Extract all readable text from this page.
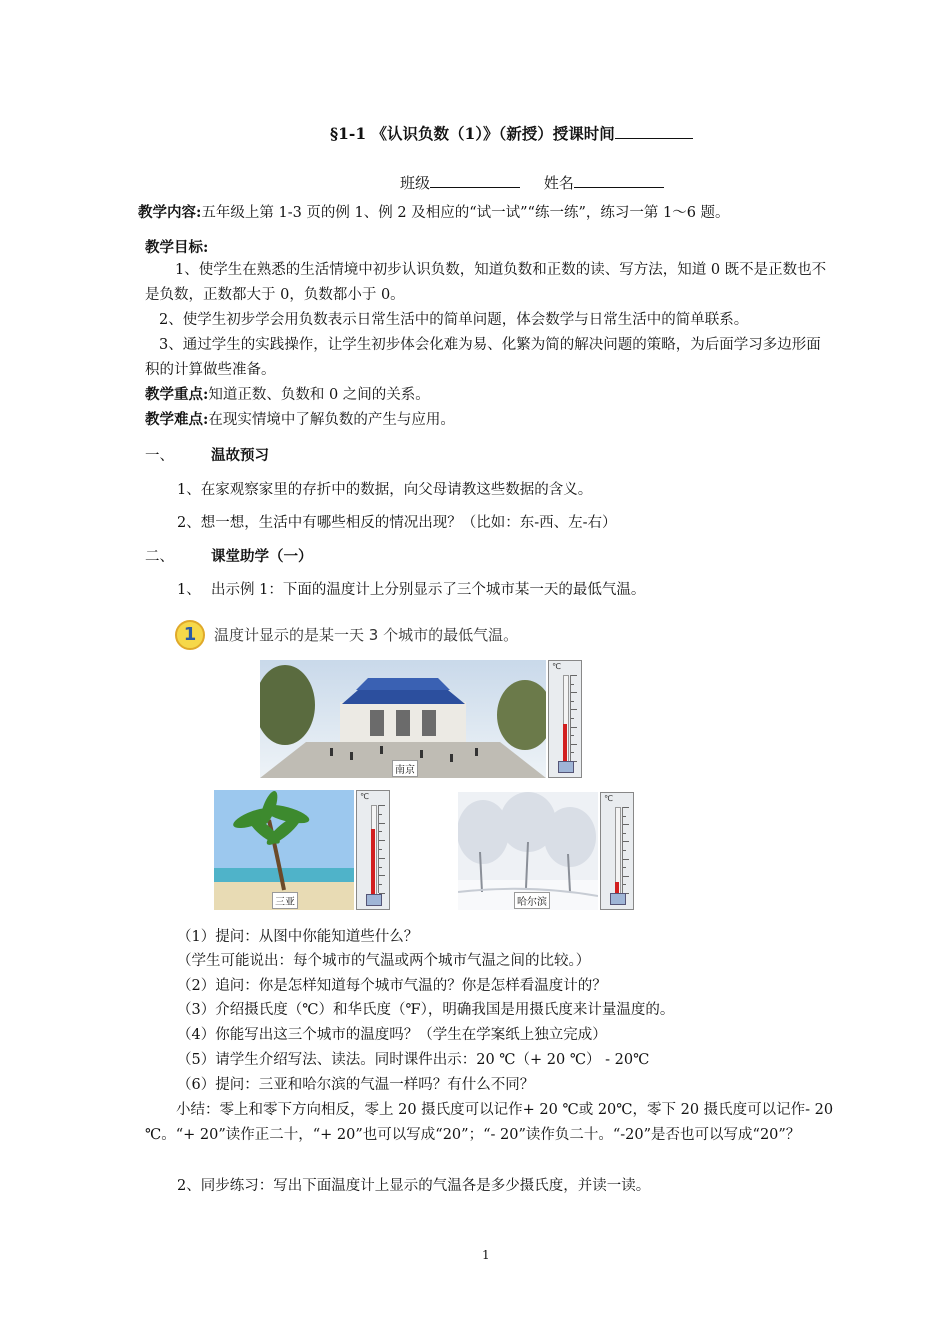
§1-1 《认识负数（1）》（新授）授课时间
班级	姓名
教学内容:五年级上第 1-3 页的例 1、例 2 及相应的“试一试”“练一练”，练习一第 1～6 题。
教学目标:
1、使学生在熟悉的生活情境中初步认识负数，知道负数和正数的读、写方法，知道 0 既不是正数也不是负数，正数都大于 0，负数都小于 0。
2、使学生初步学会用负数表示日常生活中的简单问题，体会数学与日常生活中的简单联系。
3、通过学生的实践操作，让学生初步体会化难为易、化繁为简的解决问题的策略，为后面学习多边形面积的计算做些准备。
教学重点:知道正数、负数和 0 之间的关系。
教学难点:在现实情境中了解负数的产生与应用。
一、	温故预习
1、在家观察家里的存折中的数据，向父母请教这些数据的含义。
2、想一想，生活中有哪些相反的情况出现？（比如：东-西、左-右）
二、	课堂助学（一）
1、 出示例 1：下面的温度计上分别显示了三个城市某一天的最低气温。
1	温度计显示的是某一天 3 个城市的最低气温。
南京
℃
三亚
℃
哈尔滨
℃
（1）提问：从图中你能知道些什么？
（学生可能说出：每个城市的气温或两个城市气温之间的比较。）
（2）追问：你是怎样知道每个城市气温的？你是怎样看温度计的？
（3）介绍摄氏度（℃）和华氏度（℉），明确我国是用摄氏度来计量温度的。
（4）你能写出这三个城市的温度吗？（学生在学案纸上独立完成）
（5）请学生介绍写法、读法。同时课件出示：20 ℃（+ 20 ℃） - 20℃
（6）提问：三亚和哈尔滨的气温一样吗？有什么不同？
小结：零上和零下方向相反，零上 20 摄氏度可以记作+ 20 ℃或 20℃，零下 20 摄氏度可以记作- 20 ℃。“+ 20”读作正二十，“+ 20”也可以写成“20”；“- 20”读作负二十。“-20”是否也可以写成“20”？
2、同步练习：写出下面温度计上显示的气温各是多少摄氏度，并读一读。
1
